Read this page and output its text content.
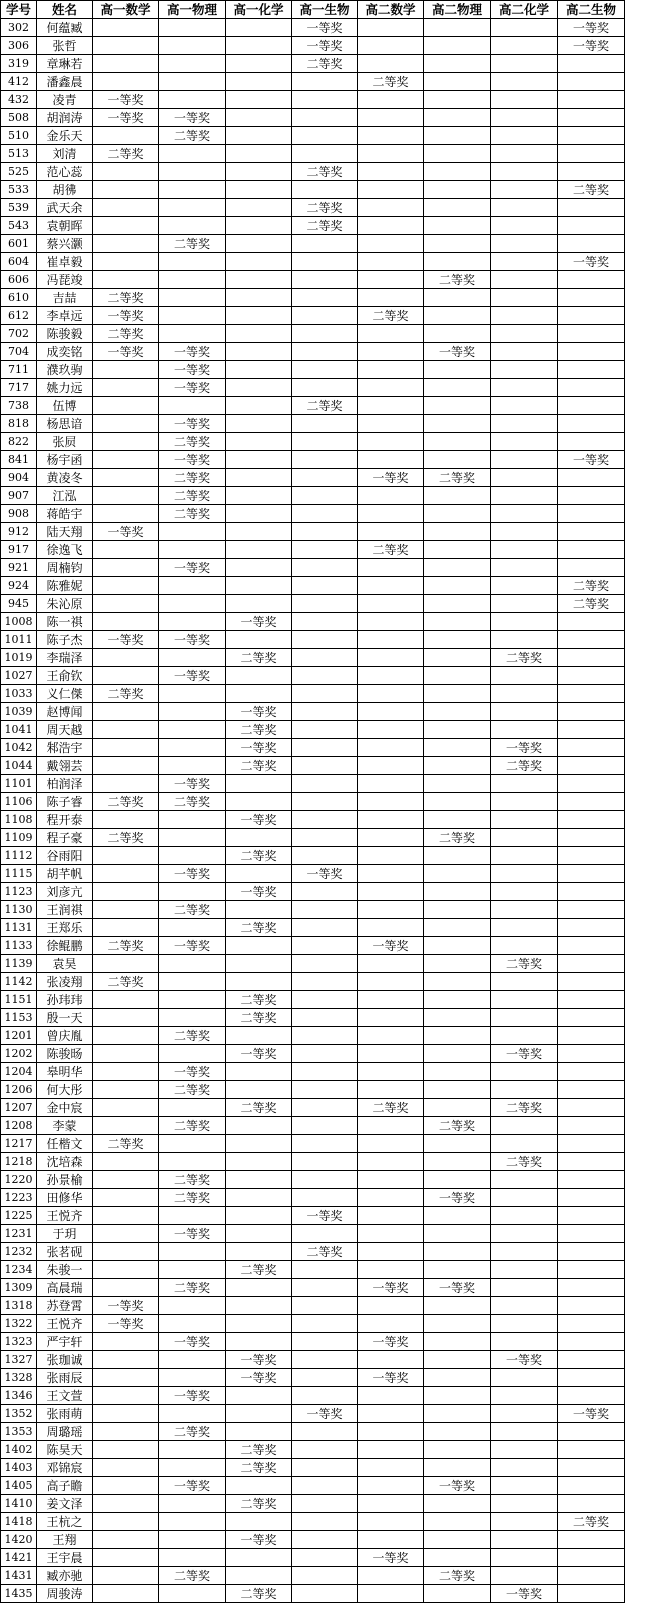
学号	姓名	高一数学	高一物理	高一化学	高一生物	高二数学	高二物理	高二化学	高二生物
302	何蕴臧				一等奖				一等奖
306	张哲				一等奖				一等奖
319	章琳若				二等奖				
412	潘鑫晨					二等奖			
432	凌青	一等奖							
508	胡润涛	一等奖	一等奖						
510	金乐天		二等奖						
513	刘清	二等奖							
525	范心蕊				二等奖				
533	胡彿								二等奖
539	武天余				二等奖				
543	袁朝晖				二等奖				
601	蔡兴灏		二等奖						
604	崔卓毅								一等奖
606	冯琵竣						二等奖		
610	吉喆	二等奖							
612	李卓远	一等奖				二等奖			
702	陈骏毅	二等奖							
704	成奕铭	一等奖	一等奖				一等奖		
711	濮玖驹		一等奖						
717	姚力远		一等奖						
738	伍博				二等奖				
818	杨思谙		一等奖						
822	张屃		二等奖						
841	杨宇函		一等奖						一等奖
904	黄凌冬		二等奖			一等奖	二等奖		
907	江泓		二等奖						
908	蒋皓宇		二等奖						
912	陆天翔	一等奖							
917	徐逸飞					二等奖			
921	周楠钧		一等奖						
924	陈雅妮								二等奖
945	朱沁原								二等奖
1008	陈一祺			一等奖					
1011	陈子杰	一等奖	一等奖						
1019	李瑞泽			二等奖				二等奖	
1027	王俞钦		一等奖						
1033	义仁傑	二等奖							
1039	赵博闻			一等奖					
1041	周天越			二等奖					
1042	邾浩宇			一等奖				一等奖	
1044	戴翎芸			二等奖				二等奖	
1101	柏润泽		一等奖						
1106	陈子睿	二等奖	二等奖						
1108	程开泰			一等奖					
1109	程子豪	二等奖					二等奖		
1112	谷雨阳			二等奖					
1115	胡芊帆		一等奖		一等奖				
1123	刘彦亢			一等奖					
1130	王润祺		二等奖						
1131	王郑乐			二等奖					
1133	徐鲲鹏	二等奖	一等奖			一等奖			
1139	袁昊							二等奖	
1142	张凌翔	二等奖							
1151	孙玮玮			二等奖					
1153	殷一天			二等奖					
1201	曾庆胤		二等奖						
1202	陈骏旸			一等奖				一等奖	
1204	皋明华		一等奖						
1206	何大彤		二等奖						
1207	金中宸			二等奖		二等奖		二等奖	
1208	李蒙		二等奖				二等奖		
1217	任楷文	二等奖							
1218	沈培森							二等奖	
1220	孙景榆		二等奖						
1223	田修华		二等奖				一等奖		
1225	王悦齐				一等奖				
1231	于玥		一等奖						
1232	张茗砚				二等奖				
1234	朱骏一			二等奖					
1309	高晨瑞		二等奖			一等奖	一等奖		
1318	苏登霄	一等奖							
1322	王悦齐	一等奖							
1323	严宇轩		一等奖			一等奖			
1327	张珈诚			一等奖				一等奖	
1328	张雨辰			一等奖		一等奖			
1346	王文萱		一等奖						
1352	张雨萌				一等奖				一等奖
1353	周璐瑶		二等奖						
1402	陈昊天			二等奖					
1403	邓锦宸			二等奖					
1405	高子瞻		一等奖				一等奖		
1410	姜文泽			二等奖					
1418	王杭之								二等奖
1420	王翔			一等奖					
1421	王宇晨					一等奖			
1431	臧亦驰		二等奖				二等奖		
1435	周骏涛			二等奖				一等奖	
